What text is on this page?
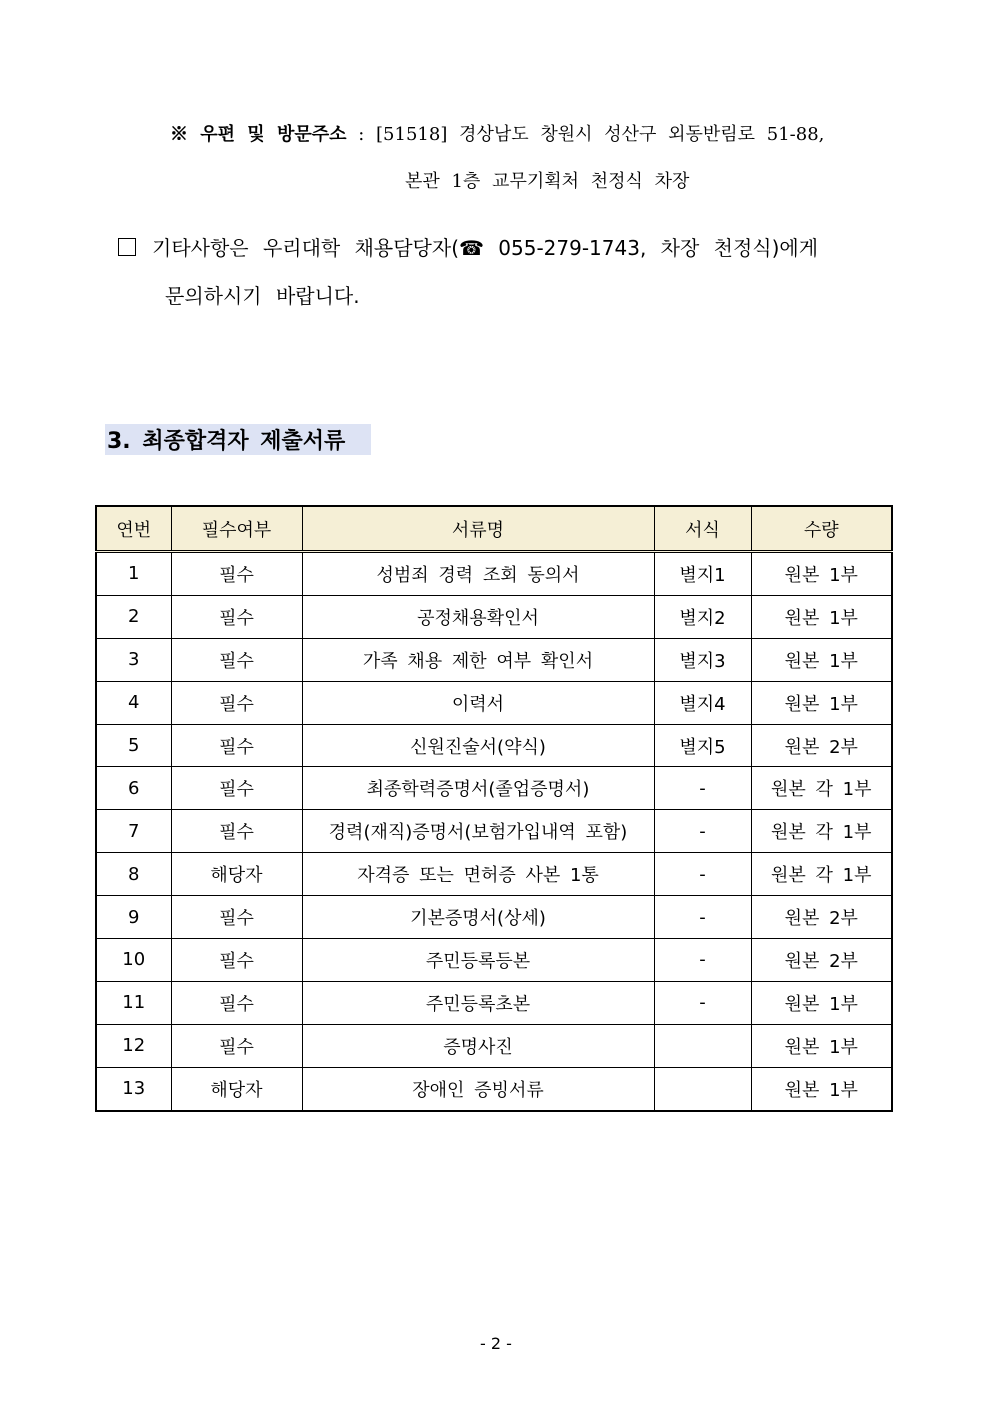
※ 우편 및 방문주소 : [51518] 경상남도 창원시 성산구 외동반림로 51-88,
본관 1층 교무기획처 천정식 차장
기타사항은 우리대학 채용담당자(☎ 055-279-1743, 차장 천정식)에게
문의하시기 바랍니다.
3. 최종합격자 제출서류
연번	필수여부	서류명	서식	수량
1	필수	성범죄 경력 조회 동의서	별지1	원본 1부
2	필수	공정채용확인서	별지2	원본 1부
3	필수	가족 채용 제한 여부 확인서	별지3	원본 1부
4	필수	이력서	별지4	원본 1부
5	필수	신원진술서(약식)	별지5	원본 2부
6	필수	최종학력증명서(졸업증명서)	-	원본 각 1부
7	필수	경력(재직)증명서(보험가입내역 포함)	-	원본 각 1부
8	해당자	자격증 또는 면허증 사본 1통	-	원본 각 1부
9	필수	기본증명서(상세)	-	원본 2부
10	필수	주민등록등본	-	원본 2부
11	필수	주민등록초본	-	원본 1부
12	필수	증명사진		원본 1부
13	해당자	장애인 증빙서류		원본 1부
- 2 -
